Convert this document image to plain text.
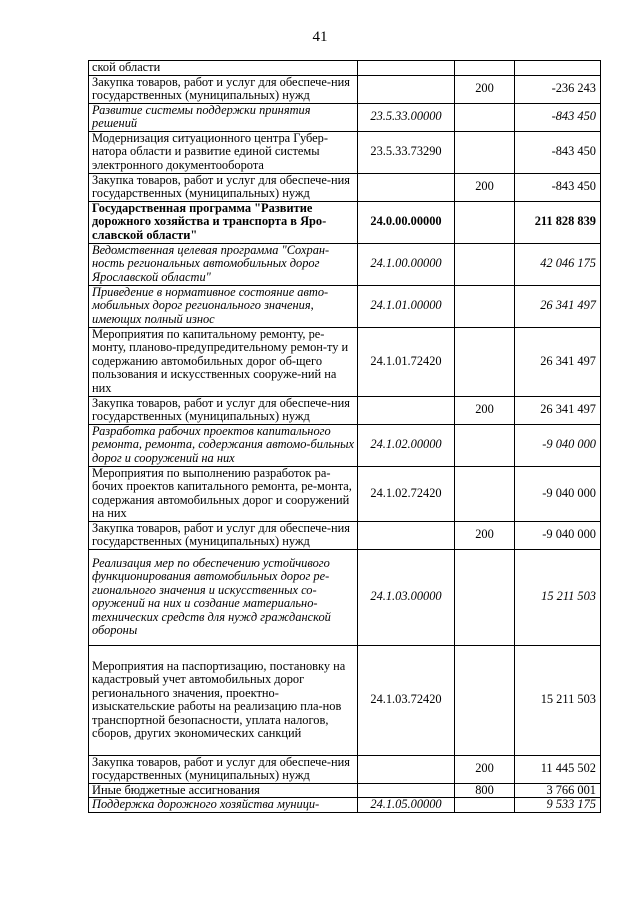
41
ской области			
Закупка товаров, работ и услуг для обеспече-ния государственных (муниципальных) нужд		200	-236 243
Развитие системы поддержки принятия решений	23.5.33.00000		-843 450
Модернизация ситуационного центра Губер-натора области и развитие единой системы электронного документооборота	23.5.33.73290		-843 450
Закупка товаров, работ и услуг для обеспече-ния государственных (муниципальных) нужд		200	-843 450
Государственная программа "Развитие дорожного хозяйства и транспорта в Яро-славской области"	24.0.00.00000		211 828 839
Ведомственная целевая программа "Сохран-ность региональных автомобильных дорог Ярославской области"	24.1.00.00000		42 046 175
Приведение в нормативное состояние авто-мобильных дорог регионального значения, имеющих полный износ	24.1.01.00000		26 341 497
Мероприятия по капитальному ремонту, ре-монту, планово-предупредительному ремон-ту и содержанию автомобильных дорог об-щего пользования и искусственных сооруже-ний на них	24.1.01.72420		26 341 497
Закупка товаров, работ и услуг для обеспече-ния государственных (муниципальных) нужд		200	26 341 497
Разработка рабочих проектов капитального ремонта, ремонта, содержания автомо-бильных дорог и сооружений на них	24.1.02.00000		-9 040 000
Мероприятия по выполнению разработок ра-бочих проектов капитального ремонта, ре-монта, содержания автомобильных дорог и сооружений на них	24.1.02.72420		-9 040 000
Закупка товаров, работ и услуг для обеспече-ния государственных (муниципальных) нужд		200	-9 040 000
Реализация мер по обеспечению устойчивого функционирования автомобильных дорог ре-гионального значения и искусственных со-оружений на них и создание материально-технических средств для нужд гражданской обороны	24.1.03.00000		15 211 503
Мероприятия на паспортизацию, постановку на кадастровый учет автомобильных дорог регионального значения, проектно-изыскательские работы на реализацию пла-нов транспортной безопасности, уплата налогов, сборов, других экономических санкций	24.1.03.72420		15 211 503
Закупка товаров, работ и услуг для обеспече-ния государственных (муниципальных) нужд		200	11 445 502
Иные бюджетные ассигнования		800	3 766 001
Поддержка дорожного хозяйства муници-	24.1.05.00000		9 533 175
